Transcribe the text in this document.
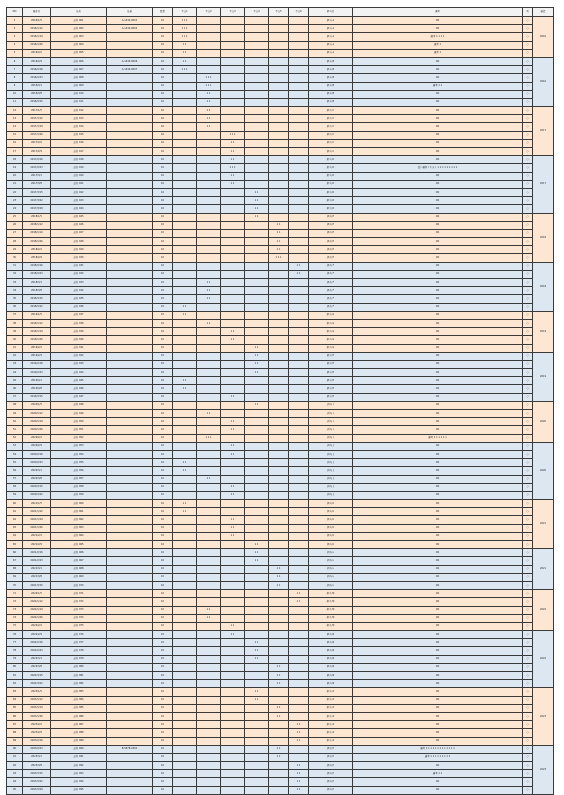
NO	検査日	品名	品番	数量	不良1	不良2	不良3	不良4	不良5	不良6	担当者	備考	判	確認
1	2016/1/5	品名 001	A-1234-0001	10	1 1 1						担当 A	OK	○	2016
2	2016/1/12	品名 002	A-1234-0002	10	1 1 1						担当 A	OK	○	
3	2016/1/19	品名 003		10	1 1 1						担当 A	備考 1 1 1 1	○	
4	2016/1/26	品名 004		10	1 1						担当 A	備考 1	○	
5	2016/2/2	品名 005		10	1 1						担当 A	備考 1	○	
6	2016/2/9	品名 006	A-1234-0006	10	1 1						担当 B	OK	○	2016
7	2016/2/16	品名 007	A-1234-0007	10	1 1 1						担当 B	OK	○	
8	2016/2/23	品名 008		10		1 1 1					担当 B	OK	○	
9	2016/3/1	品名 009		10		1 1 1					担当 B	備考 1 1	○	
10	2016/3/8	品名 010		10		1 1					担当 B	OK	○	
11	2016/3/15	品名 011		10		1 1					担当 B	OK	○	
12	2017/1/5	品名 012		10		1 1					担当 C	OK	○	2017
13	2017/1/12	品名 013		10		1 1					担当 C	OK	○	
14	2017/1/19	品名 014		10		1 1					担当 C	OK	○	
15	2017/1/26	品名 015		10			1 1 1				担当 C	OK	○	
16	2017/2/2	品名 016		10			1 1				担当 C	OK	○	
17	2017/2/9	品名 017		10			1 1				担当 C	OK	○	
18	2017/2/16	品名 018		10			1 1				担当 D	OK	○	2017
19	2017/2/23	品名 019		10			1 1 1				担当 D	長い備考テキスト 1 1 1 1 1 1 1 1 1	○	
20	2017/3/1	品名 020		10			1 1				担当 D	OK	○	
21	2017/3/8	品名 021		10			1 1				担当 D	OK	○	
22	2017/3/15	品名 022		10				1 1			担当 D	OK	○	
23	2017/3/22	品名 023		10				1 1			担当 D	OK	○	
24	2017/3/29	品名 024		10				1 1			担当 D	OK	○	
25	2018/1/5	品名 025		10				1 1			担当 E	OK	○	2018
26	2018/1/12	品名 026		10					1 1		担当 E	OK	○	
27	2018/1/19	品名 027		10					1 1		担当 E	OK	○	
28	2018/1/26	品名 028		10					1 1		担当 E	OK	○	
29	2018/2/2	品名 029		10					1 1		担当 E	OK	○	
30	2018/2/9	品名 030		10					1 1 1		担当 E	OK	○	
31	2018/2/16	品名 031		10						1 1	担当 F	OK	○	2018
32	2018/2/23	品名 032		10						1 1	担当 F	OK	○	
33	2018/3/1	品名 033		10		1 1					担当 F	OK	○	
34	2018/3/8	品名 034		10		1 1					担当 F	OK	○	
35	2018/3/15	品名 035		10		1 1					担当 F	OK	○	
36	2018/3/22	品名 036		10	1 1						担当 F	OK	○	
37	2019/1/5	品名 037		10	1 1						担当 G	OK	○	2019
38	2019/1/12	品名 038		10		1 1					担当 G	OK	○	
39	2019/1/19	品名 039		10			1 1				担当 G	OK	○	
40	2019/1/26	品名 040		10			1 1				担当 G	OK	○	
41	2019/2/2	品名 041		10				1 1			担当 G	OK	○	
42	2019/2/9	品名 042		10				1 1			担当 H	OK	○	2019
43	2019/2/16	品名 043		10				1 1			担当 H	OK	○	
44	2019/2/23	品名 044		10				1 1			担当 H	OK	○	
45	2019/3/1	品名 045		10	1 1						担当 H	OK	○	
46	2019/3/8	品名 046		10	1 1						担当 H	OK	○	
47	2019/3/15	品名 047		10			1 1				担当 H	OK	○	
48	2020/1/5	品名 048		10				1 1			担当 I	OK	○	2020
49	2020/1/12	品名 049		10		1 1					担当 I	OK	○	
50	2020/1/19	品名 050		10			1 1				担当 I	OK	○	
51	2020/1/26	品名 051		10			1 1				担当 I	OK	○	
52	2020/2/2	品名 052		10		1 1 1					担当 I	備考 1 1 1 1 1 1	○	
53	2020/2/9	品名 053		10			1 1				担当 J	OK	○	2020
54	2020/2/16	品名 054		10			1 1				担当 J	OK	○	
55	2020/2/23	品名 055		10	1 1						担当 J	OK	○	
56	2020/3/1	品名 056		10	1 1						担当 J	OK	○	
57	2020/3/8	品名 057		10		1 1					担当 J	OK	○	
58	2020/3/15	品名 058		10			1 1				担当 J	OK	○	
59	2020/3/22	品名 059		10			1 1				担当 J	OK	○	
60	2021/1/5	品名 060		10	1 1						担当 K	OK	○	2021
61	2021/1/12	品名 061		10	1 1						担当 K	OK	○	
62	2021/1/19	品名 062		10			1 1				担当 K	OK	○	
63	2021/1/26	品名 063		10			1 1				担当 K	OK	○	
64	2021/2/2	品名 064		10			1 1				担当 K	OK	○	
65	2021/2/9	品名 065		10				1 1			担当 K	OK	○	
66	2021/2/16	品名 066		10				1 1			担当 L	OK	○	2021
67	2021/2/23	品名 067		10				1 1			担当 L	OK	○	
68	2021/3/1	品名 068		10					1 1		担当 L	OK	○	
69	2021/3/8	品名 069		10					1 1		担当 L	OK	○	
70	2021/3/15	品名 070		10					1 1		担当 L	OK	○	
71	2022/1/5	品名 071		10						1 1	担当 M	OK	○	2022
72	2022/1/12	品名 072		10						1 1	担当 M	OK	○	
73	2022/1/19	品名 073		10		1 1					担当 M	OK	○	
74	2022/1/26	品名 074		10		1 1					担当 M	OK	○	
75	2022/2/2	品名 075		10			1 1				担当 M	OK	○	
76	2022/2/9	品名 076		10			1 1				担当 N	OK	○	2022
77	2022/2/16	品名 077		10				1 1			担当 N	OK	○	
78	2022/2/23	品名 078		10				1 1			担当 N	OK	○	
79	2022/3/1	品名 079		10				1 1			担当 N	OK	○	
80	2022/3/8	品名 080		10					1 1		担当 N	OK	○	
81	2022/3/15	品名 081		10					1 1		担当 N	OK	○	
82	2022/3/22	品名 082		10					1 1		担当 N	OK	○	
83	2023/1/5	品名 083		10				1 1			担当 O	OK	○	2023
84	2023/1/12	品名 084		10				1 1			担当 O	OK	○	
85	2023/1/19	品名 085		10					1 1		担当 O	OK	○	
86	2023/1/26	品名 086		10					1 1		担当 O	OK	○	
87	2023/2/2	品名 087		10						1 1	担当 O	OK	○	
88	2023/2/9	品名 088		10						1 1	担当 O	OK	○	
89	2023/2/16	品名 089		10						1 1	担当 O	OK	○	
90	2023/2/23	品名 090	B-5678-0001	10					1 1		担当 P	備考 1 1 1 1 1 1 1 1 1 1 1 1 1	○	2023
91	2023/3/1	品名 091		10					1 1		担当 P	備考 1 1 1 1 1 1 1 1 1	○	
92	2023/3/8	品名 092		10						1 1	担当 P	OK	○	
93	2023/3/15	品名 093		10						1 1	担当 P	備考 1 1	○	
94	2023/3/22	品名 094		10						1 1	担当 P	OK	○	
95	2023/3/29	品名 095		10						1 1	担当 P	OK	○	
